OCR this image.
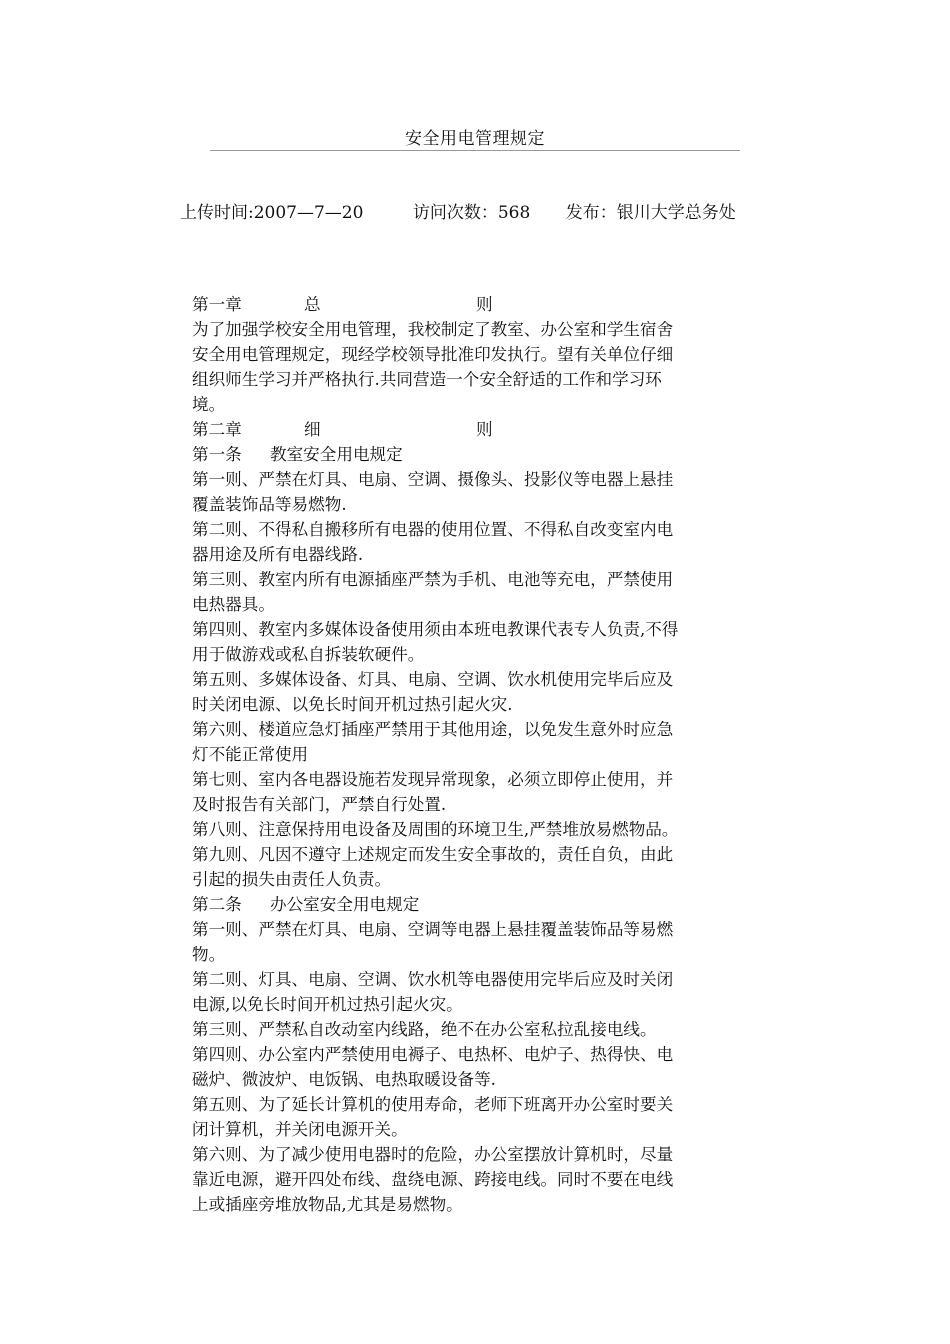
安全用电管理规定
上传时间:2007—7—20	访问次数：568 发布：银川大学总务处
第一章	总	则
为了加强学校安全用电管理，我校制定了教室、办公室和学生宿舍
安全用电管理规定，现经学校领导批准印发执行。望有关单位仔细
组织师生学习并严格执行.共同营造一个安全舒适的工作和学习环
境。
第二章	细	则
第一条 教室安全用电规定
第一则、严禁在灯具、电扇、空调、摄像头、投影仪等电器上悬挂
覆盖装饰品等易燃物.
第二则、不得私自搬移所有电器的使用位置、不得私自改变室内电
器用途及所有电器线路.
第三则、教室内所有电源插座严禁为手机、电池等充电，严禁使用
电热器具。
第四则、教室内多媒体设备使用须由本班电教课代表专人负责,不得
用于做游戏或私自拆装软硬件。
第五则、多媒体设备、灯具、电扇、空调、饮水机使用完毕后应及
时关闭电源、以免长时间开机过热引起火灾.
第六则、楼道应急灯插座严禁用于其他用途，以免发生意外时应急
灯不能正常使用
第七则、室内各电器设施若发现异常现象，必须立即停止使用，并
及时报告有关部门，严禁自行处置.
第八则、注意保持用电设备及周围的环境卫生,严禁堆放易燃物品。
第九则、凡因不遵守上述规定而发生安全事故的，责任自负，由此
引起的损失由责任人负责。
第二条 办公室安全用电规定
第一则、严禁在灯具、电扇、空调等电器上悬挂覆盖装饰品等易燃
物。
第二则、灯具、电扇、空调、饮水机等电器使用完毕后应及时关闭
电源,以免长时间开机过热引起火灾。
第三则、严禁私自改动室内线路，绝不在办公室私拉乱接电线。
第四则、办公室内严禁使用电褥子、电热杯、电炉子、热得快、电
磁炉、微波炉、电饭锅、电热取暖设备等.
第五则、为了延长计算机的使用寿命，老师下班离开办公室时要关
闭计算机，并关闭电源开关。
第六则、为了减少使用电器时的危险，办公室摆放计算机时，尽量
靠近电源，避开四处布线、盘绕电源、跨接电线。同时不要在电线
上或插座旁堆放物品,尤其是易燃物。
